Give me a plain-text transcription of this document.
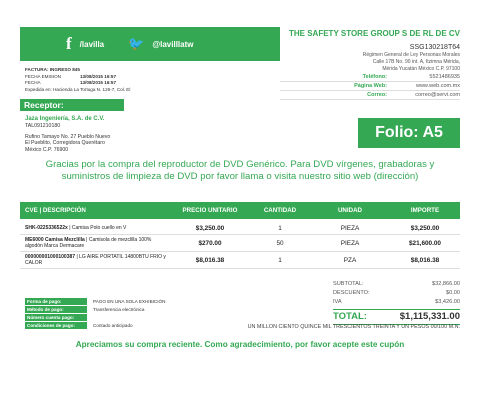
f /lavilla 🐦 @lavilllatw
THE SAFETY STORE GROUP S DE RL DE CV
SSG130218T64
Régimen General de Ley Personas Morales
Calle 17B No. 90 int. A, Itzimna Mérida,
Mérida Yucatán México C.P. 97100
Teléfono:	5521486935
Página Web:	www.web.com.mx
Correo:	correo@servi.com
FACTURA: INGRESO 845
FECHA EMISION	13/08/2015 16:57
FECHA	13/08/2015 16:57
Expedida en: Hacienda La Tortuga N. 126-7, Col. El
Receptor:
Jaza Ingeniería, S.A. de C.V.
TAL091210180
Rufino Tamayo No. 27 Pueblo Nuevo
El Pueblito, Corregidora Querétaro
México C.P. 76900
Folio: A5
Gracias por la compra del reproductor de DVD Genérico. Para DVD vírgenes, grabadoras y suministros de limpieza de DVD por favor llama o visita nuestro sitio web (dirección)
CVE | DESCRIPCIÓN	PRECIO UNITARIO	CANTIDAD	UNIDAD	IMPORTE
SHK-0225336522x | Camisa Polo cuello en V	$3,250.00	1	PIEZA	$3,250.00
ME6000 Camisa Mezclilla | Camisola de mezclilla 100% algodón Marca Dermacare	$270.00	50	PIEZA	$21,600.00
000000001000100387 | LG AIRE PORTATIL 14800BTU FRIO y CALOR	$8,016.38	1	PZA	$8,016.38
SUBTOTAL:	$32,866.00
DESCUENTO:	$0.00
IVA	$3,426.00
TOTAL:	$1,115,331.00
UN MILLON CIENTO QUINCE MIL TRESCIENTOS TREINTA Y UN PESOS 00/100 M.N.
Forma de pago:	PAGO EN UNA SOLA EXHIBICIÓN
Método de pago:	Transferencia electrónica
Número cuenta pago:
Condiciones de pago:	Contado anticipado
Apreciamos su compra reciente. Como agradecimiento, por favor acepte este cupón
